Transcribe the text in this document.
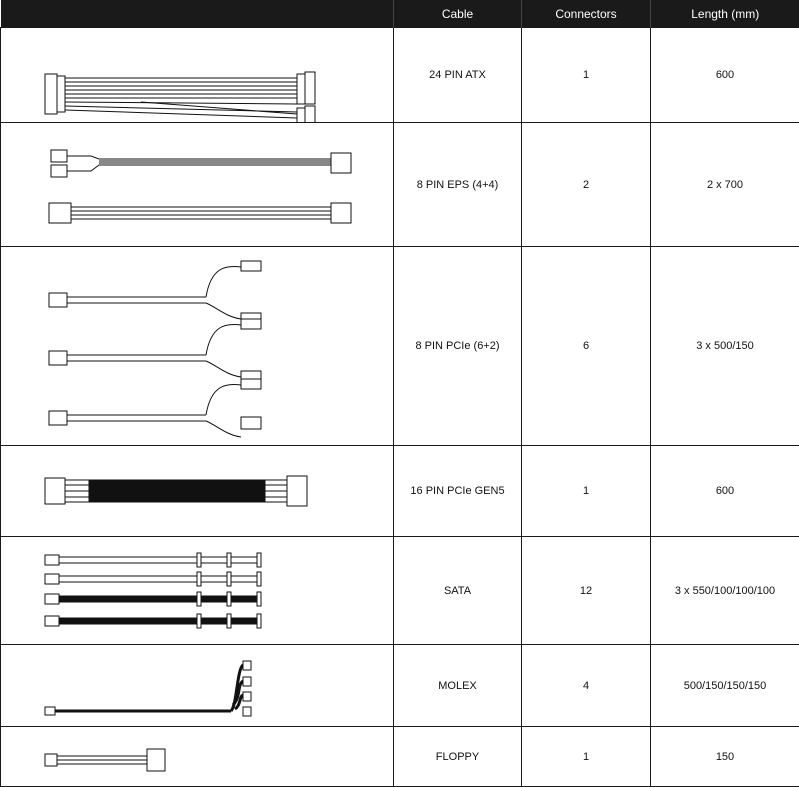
	Cable	Connectors	Length (mm)

	24 PIN ATX	1	600

	8 PIN EPS (4+4)	2	2 x 700

	8 PIN PCIe (6+2)	6	3 x 500/150

	16 PIN PCIe GEN5	1	600

	SATA	12	3 x 550/100/100/100

	MOLEX	4	500/150/150/150

	FLOPPY	1	150
